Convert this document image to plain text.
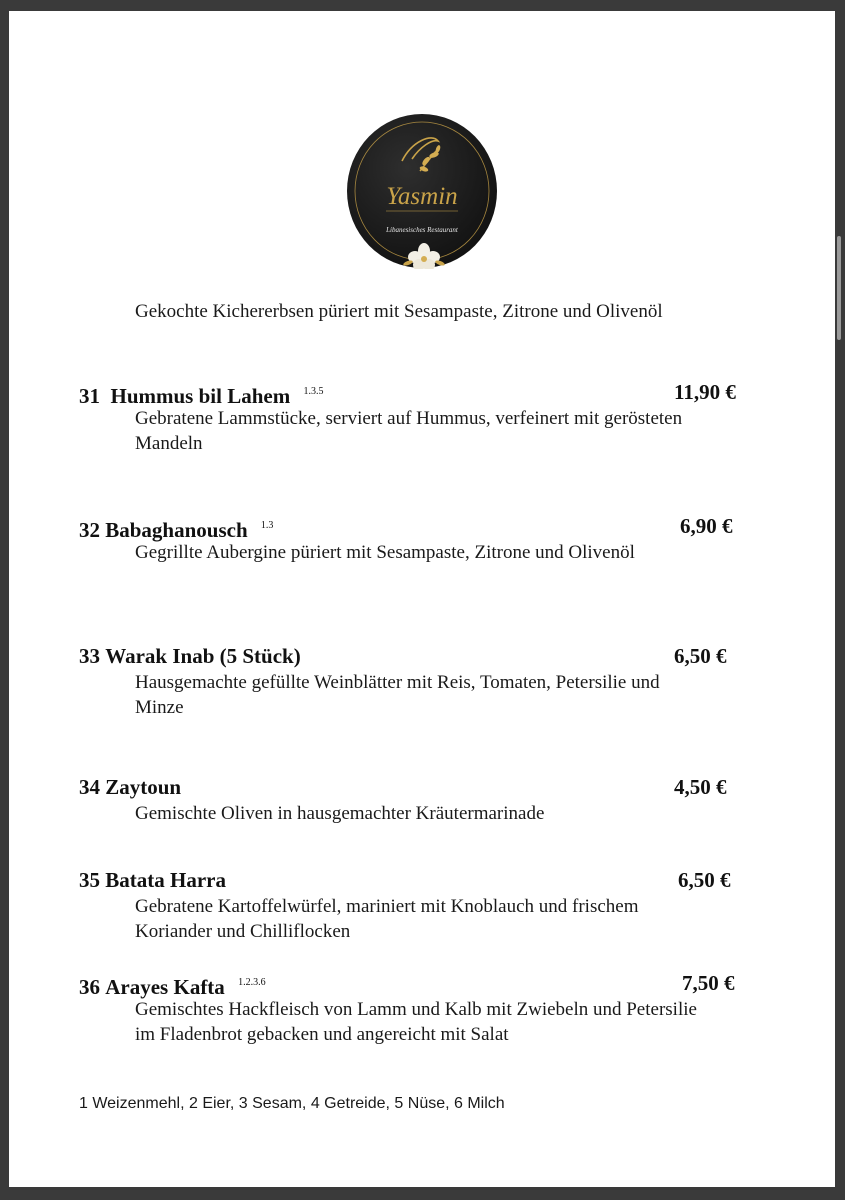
Yasmin
Libanesisches Restaurant
Gekochte Kichererbsen püriert mit Sesampaste, Zitrone und Olivenöl
31 Hummus bil Lahem $^{1.3.5}$	11,90 €
Gebratene Lammstücke, serviert auf Hummus, verfeinert mit gerösteten Mandeln
32 Babaghanousch $^{1.3}$	6,90 €
Gegrillte Aubergine püriert mit Sesampaste, Zitrone und Olivenöl
33 Warak Inab (5 Stück)	6,50 €
Hausgemachte gefüllte Weinblätter mit Reis, Tomaten, Petersilie und Minze
34 Zaytoun	4,50 €
Gemischte Oliven in hausgemachter Kräutermarinade
35 Batata Harra	6,50 €
Gebratene Kartoffelwürfel, mariniert mit Knoblauch und frischem Koriander und Chilliflocken
36 Arayes Kafta $^{1.2.3.6}$	7,50 €
Gemischtes Hackfleisch von Lamm und Kalb mit Zwiebeln und Petersilie im Fladenbrot gebacken und angereicht mit Salat
1 Weizenmehl, 2 Eier, 3 Sesam, 4 Getreide, 5 Nüse, 6 Milch
